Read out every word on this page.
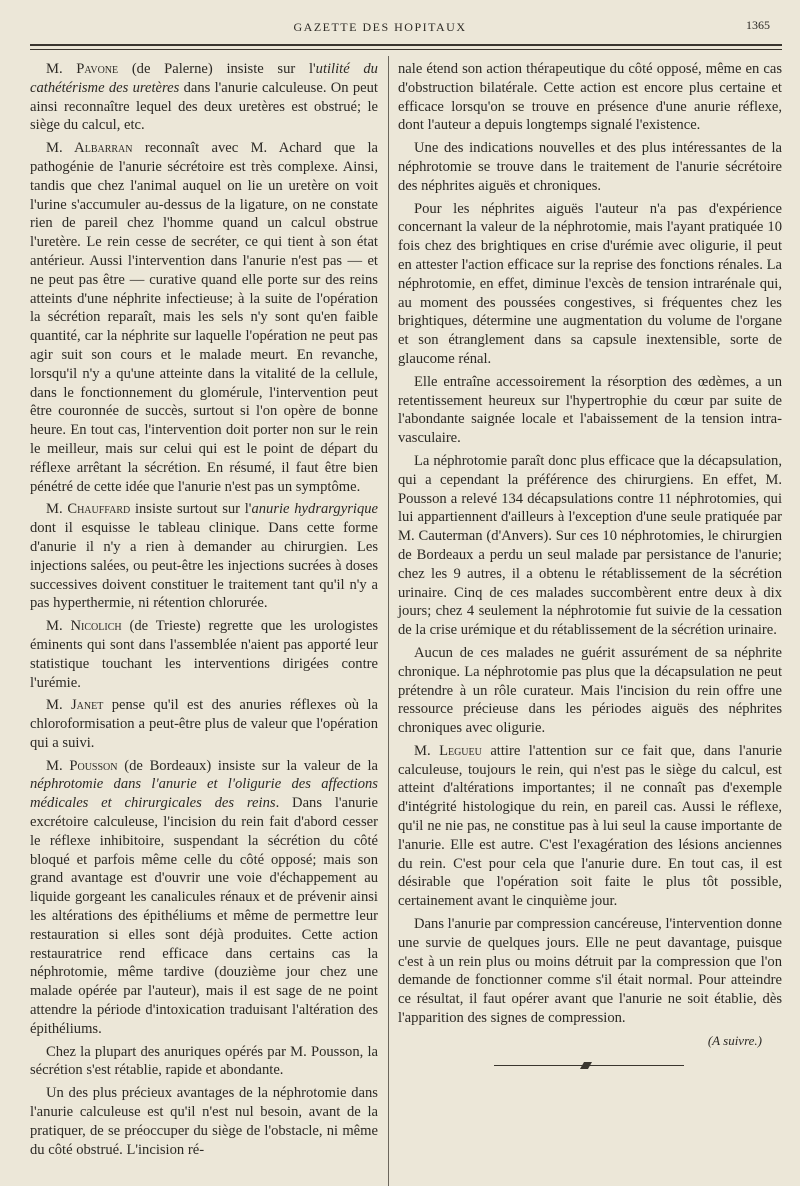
GAZETTE DES HOPITAUX	1365

M. Pavone (de Palerne) insiste sur l'utilité du cathétérisme des uretères dans l'anurie calculeuse. On peut ainsi reconnaître lequel des deux uretères est obstrué; le siège du calcul, etc.

M. Albarran reconnaît avec M. Achard que la pathogénie de l'anurie sécrétoire est très complexe. Ainsi, tandis que chez l'animal auquel on lie un uretère on voit l'urine s'accumuler au-dessus de la ligature, on ne constate rien de pareil chez l'homme quand un calcul obstrue l'uretère. Le rein cesse de secréter, ce qui tient à son état antérieur. Aussi l'intervention dans l'anurie n'est pas — et ne peut pas être — curative quand elle porte sur des reins atteints d'une néphrite infectieuse; à la suite de l'opération la sécrétion reparaît, mais les sels n'y sont qu'en faible quantité, car la néphrite sur laquelle l'opération ne peut pas agir suit son cours et le malade meurt. En revanche, lorsqu'il n'y a qu'une atteinte dans la vitalité de la cellule, dans le fonctionnement du glomérule, l'intervention peut être couronnée de succès, surtout si l'on opère de bonne heure. En tout cas, l'intervention doit porter non sur le rein le meilleur, mais sur celui qui est le point de départ du réflexe arrêtant la sécrétion. En résumé, il faut être bien pénétré de cette idée que l'anurie n'est pas un symptôme.

M. Chauffard insiste surtout sur l'anurie hydrargyrique dont il esquisse le tableau clinique. Dans cette forme d'anurie il n'y a rien à demander au chirurgien. Les injections salées, ou peut-être les injections sucrées à doses successives doivent constituer le traitement tant qu'il n'y a pas hyperthermie, ni rétention chlorurée.

M. Nicolich (de Trieste) regrette que les urologistes éminents qui sont dans l'assemblée n'aient pas apporté leur statistique touchant les interventions dirigées contre l'urémie.

M. Janet pense qu'il est des anuries réflexes où la chloroformisation a peut-être plus de valeur que l'opération qui a suivi.

M. Pousson (de Bordeaux) insiste sur la valeur de la néphrotomie dans l'anurie et l'oligurie des affections médicales et chirurgicales des reins. Dans l'anurie excrétoire calculeuse, l'incision du rein fait d'abord cesser le réflexe inhibitoire, suspendant la sécrétion du côté bloqué et parfois même celle du côté opposé; mais son grand avantage est d'ouvrir une voie d'échappement au liquide gorgeant les canalicules rénaux et de prévenir ainsi les altérations des épithéliums et même de permettre leur restauration si elles sont déjà produites. Cette action restauratrice rend efficace dans certains cas la néphrotomie, même tardive (douzième jour chez une malade opérée par l'auteur), mais il est sage de ne point attendre la période d'intoxication traduisant l'altération des épithéliums.

Chez la plupart des anuriques opérés par M. Pousson, la sécrétion s'est rétablie, rapide et abondante.

Un des plus précieux avantages de la néphrotomie dans l'anurie calculeuse est qu'il n'est nul besoin, avant de la pratiquer, de se préoccuper du siège de l'obstacle, ni même du côté obstrué. L'incision ré-

nale étend son action thérapeutique du côté opposé, même en cas d'obstruction bilatérale. Cette action est encore plus certaine et efficace lorsqu'on se trouve en présence d'une anurie réflexe, dont l'auteur a depuis longtemps signalé l'existence.

Une des indications nouvelles et des plus intéressantes de la néphrotomie se trouve dans le traitement de l'anurie sécrétoire des néphrites aiguës et chroniques.

Pour les néphrites aiguës l'auteur n'a pas d'expérience concernant la valeur de la néphrotomie, mais l'ayant pratiquée 10 fois chez des brightiques en crise d'urémie avec oligurie, il peut en attester l'action efficace sur la reprise des fonctions rénales. La néphrotomie, en effet, diminue l'excès de tension intrarénale qui, au moment des poussées congestives, si fréquentes chez les brightiques, détermine une augmentation du volume de l'organe et son étranglement dans sa capsule inextensible, sorte de glaucome rénal.

Elle entraîne accessoirement la résorption des œdèmes, a un retentissement heureux sur l'hypertrophie du cœur par suite de l'abondante saignée locale et l'abaissement de la tension intra-vasculaire.

La néphrotomie paraît donc plus efficace que la décapsulation, qui a cependant la préférence des chirurgiens. En effet, M. Pousson a relevé 134 décapsulations contre 11 néphrotomies, qui lui appartiennent d'ailleurs à l'exception d'une seule pratiquée par M. Cauterman (d'Anvers). Sur ces 10 néphrotomies, le chirurgien de Bordeaux a perdu un seul malade par persistance de l'anurie; chez les 9 autres, il a obtenu le rétablissement de la sécrétion urinaire. Cinq de ces malades succombèrent entre deux à dix jours; chez 4 seulement la néphrotomie fut suivie de la cessation de la crise urémique et du rétablissement de la sécrétion urinaire.

Aucun de ces malades ne guérit assurément de sa néphrite chronique. La néphrotomie pas plus que la décapsulation ne peut prétendre à un rôle curateur. Mais l'incision du rein offre une ressource précieuse dans les périodes aiguës des néphrites chroniques avec oligurie.

M. Legueu attire l'attention sur ce fait que, dans l'anurie calculeuse, toujours le rein, qui n'est pas le siège du calcul, est atteint d'altérations importantes; il ne connaît pas d'exemple d'intégrité histologique du rein, en pareil cas. Aussi le réflexe, qu'il ne nie pas, ne constitue pas à lui seul la cause importante de l'anurie. Elle est autre. C'est l'exagération des lésions anciennes du rein. C'est pour cela que l'anurie dure. En tout cas, il est désirable que l'opération soit faite le plus tôt possible, certainement avant le cinquième jour.

Dans l'anurie par compression cancéreuse, l'intervention donne une survie de quelques jours. Elle ne peut davantage, puisque c'est à un rein plus ou moins détruit par la compression que l'on demande de fonctionner comme s'il était normal. Pour atteindre ce résultat, il faut opérer avant que l'anurie ne soit établie, dès l'apparition des signes de compression.

(A suivre.)
